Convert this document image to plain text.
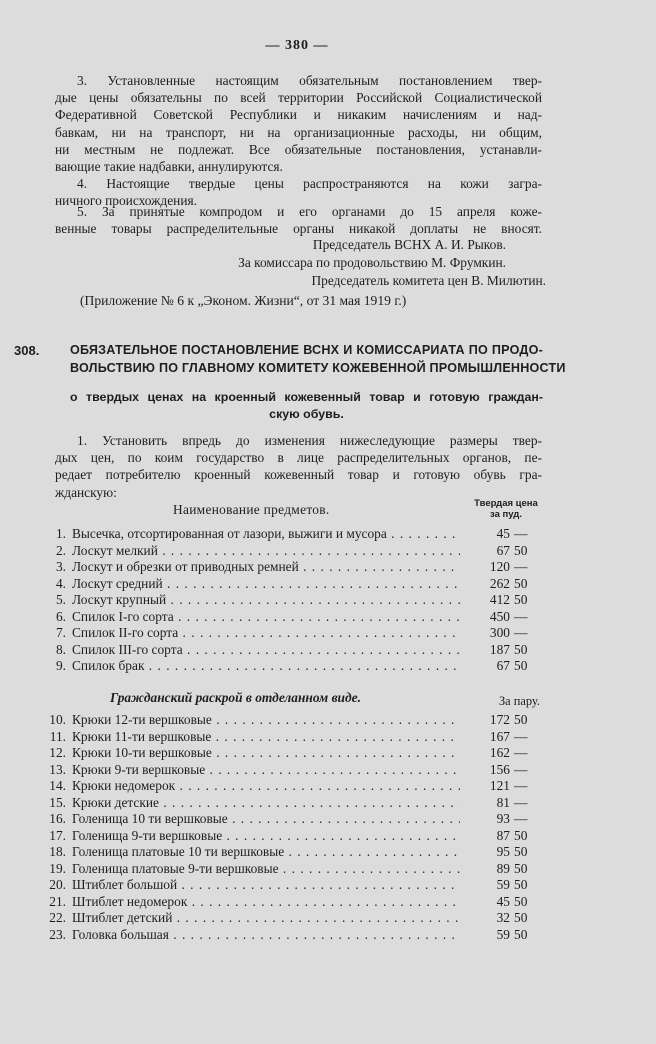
— 380 —
3. Установленные настоящим обязательным постановлением твер-
дые цены обязательны по всей территории Российской Социалистической
Федеративной Советской Республики и никаким начислениям и над-
бавкам, ни на транспорт, ни на организационные расходы, ни общим,
ни местным не подлежат. Все обязательные постановления, устанавли-
вающие такие надбавки, аннулируются.
4. Настоящие твердые цены распространяются на кожи загра-
ничного происхождения.
5. За принятые компродом и его органами до 15 апреля коже-
венные товары распределительные органы никакой доплаты не вносят.
Председатель ВСНХ А. И. Рыков.
За комиссара по продовольствию М. Фрумкин.
Председатель комитета цен В. Милютин.
(Приложение № 6 к „Эконом. Жизни“, от 31 мая 1919 г.)
308. ОБЯЗАТЕЛЬНОЕ ПОСТАНОВЛЕНИЕ ВСНХ И КОМИССАРИАТА ПО ПРОДО-
ВОЛЬСТВИЮ ПО ГЛАВНОМУ КОМИТЕТУ КОЖЕВЕННОЙ ПРОМЫШЛЕННОСТИ
о твердых ценах на кроенный кожевенный товар и готовую граждан-
скую обувь.
1. Установить впредь до изменения нижеследующие размеры твер-
дых цен, по коим государство в лице распределительных органов, пе-
редает потребителю кроенный кожевенный товар и готовую обувь гра-
жданскую:
Наименование предметов.	Твердая цена
за пуд.
1. Высечка, отсортированная от лазори, выжиги и мусора . . .	45 —
2. Лоскут мелкий . . .	67 50
3. Лоскут и обрезки от приводных ремней . . .	120 —
4. Лоскут средний . . .	262 50
5. Лоскут крупный . . .	412 50
6. Спилок I-го сорта . . .	450 —
7. Спилок II-го сорта . . .	300 —
8. Спилок III-го сорта . . .	187 50
9. Спилок брак . . .	67 50
Гражданский раскрой в отделанном виде.	За пару.
10. Крюки 12-ти вершковые . . .	172 50
11. Крюки 11-ти вершковые . . .	167 —
12. Крюки 10-ти вершковые . . .	162 —
13. Крюки 9-ти вершковые . . .	156 —
14. Крюки недомерок . . .	121 —
15. Крюки детские . . .	81 —
16. Голенища 10 ти вершковые . . .	93 —
17. Голенища 9-ти вершковые . . .	87 50
18. Голенища платовые 10 ти вершковые . . .	95 50
19. Голенища платовые 9-ти вершковые . . .	89 50
20. Штиблет большой . . .	59 50
21. Штиблет недомерок . . .	45 50
22. Штиблет детский . . .	32 50
23. Головка большая . . .	59 50
